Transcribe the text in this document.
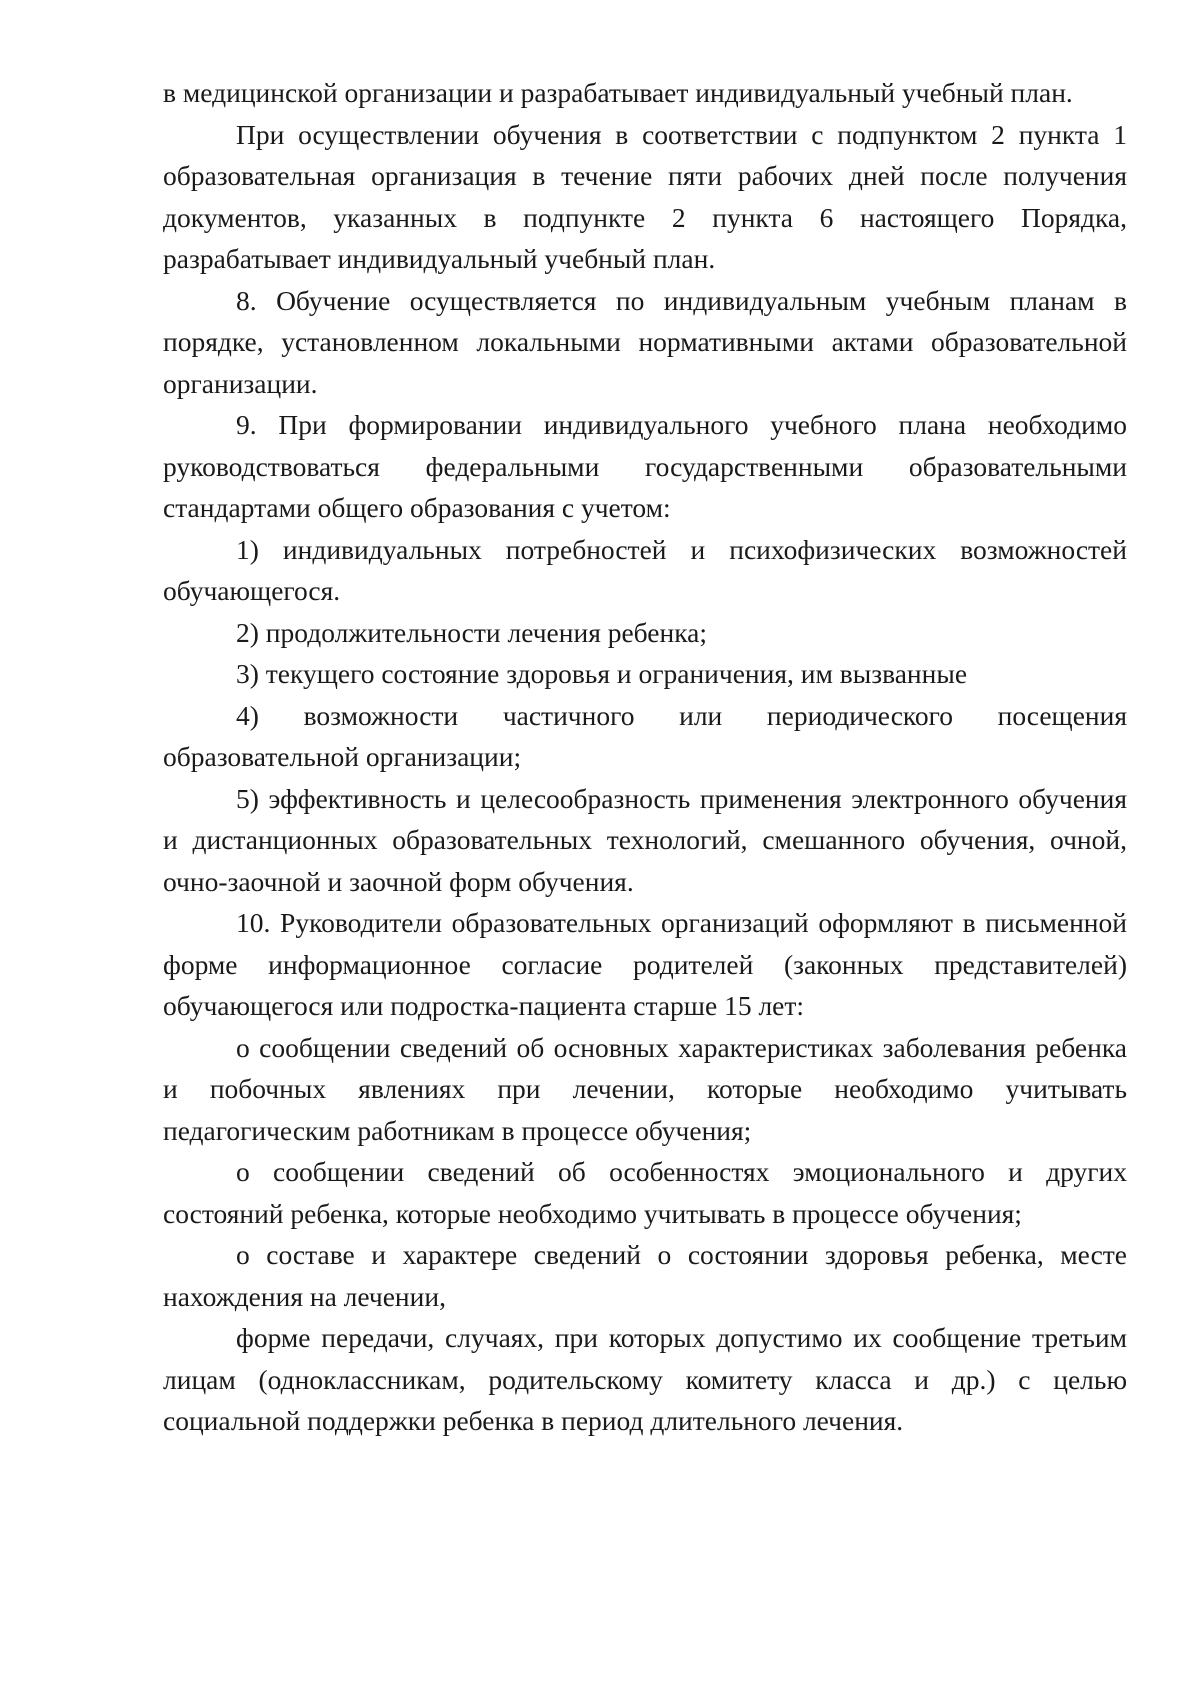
в медицинской организации и разрабатывает индивидуальный учебный план.

При осуществлении обучения в соответствии с подпунктом 2 пункта 1 образовательная организация в течение пяти рабочих дней после получения документов, указанных в подпункте 2 пункта 6 настоящего Порядка, разрабатывает индивидуальный учебный план.

8. Обучение осуществляется по индивидуальным учебным планам в порядке, установленном локальными нормативными актами образовательной организации.

9. При формировании индивидуального учебного плана необходимо руководствоваться федеральными государственными образовательными стандартами общего образования с учетом:

1) индивидуальных потребностей и психофизических возможностей обучающегося.

2) продолжительности лечения ребенка;

3) текущего состояние здоровья и ограничения, им вызванные

4) возможности частичного или периодического посещения образовательной организации;

5) эффективность и целесообразность применения электронного обучения и дистанционных образовательных технологий, смешанного обучения, очной, очно-заочной и заочной форм обучения.

10. Руководители образовательных организаций оформляют в письменной форме информационное согласие родителей (законных представителей) обучающегося или подростка-пациента старше 15 лет:

о сообщении сведений об основных характеристиках заболевания ребенка и побочных явлениях при лечении, которые необходимо учитывать педагогическим работникам в процессе обучения;

о сообщении сведений об особенностях эмоционального и других состояний ребенка, которые необходимо учитывать в процессе обучения;

о составе и характере сведений о состоянии здоровья ребенка, месте нахождения на лечении,

форме передачи, случаях, при которых допустимо их сообщение третьим лицам (одноклассникам, родительскому комитету класса и др.) с целью социальной поддержки ребенка в период длительного лечения.
